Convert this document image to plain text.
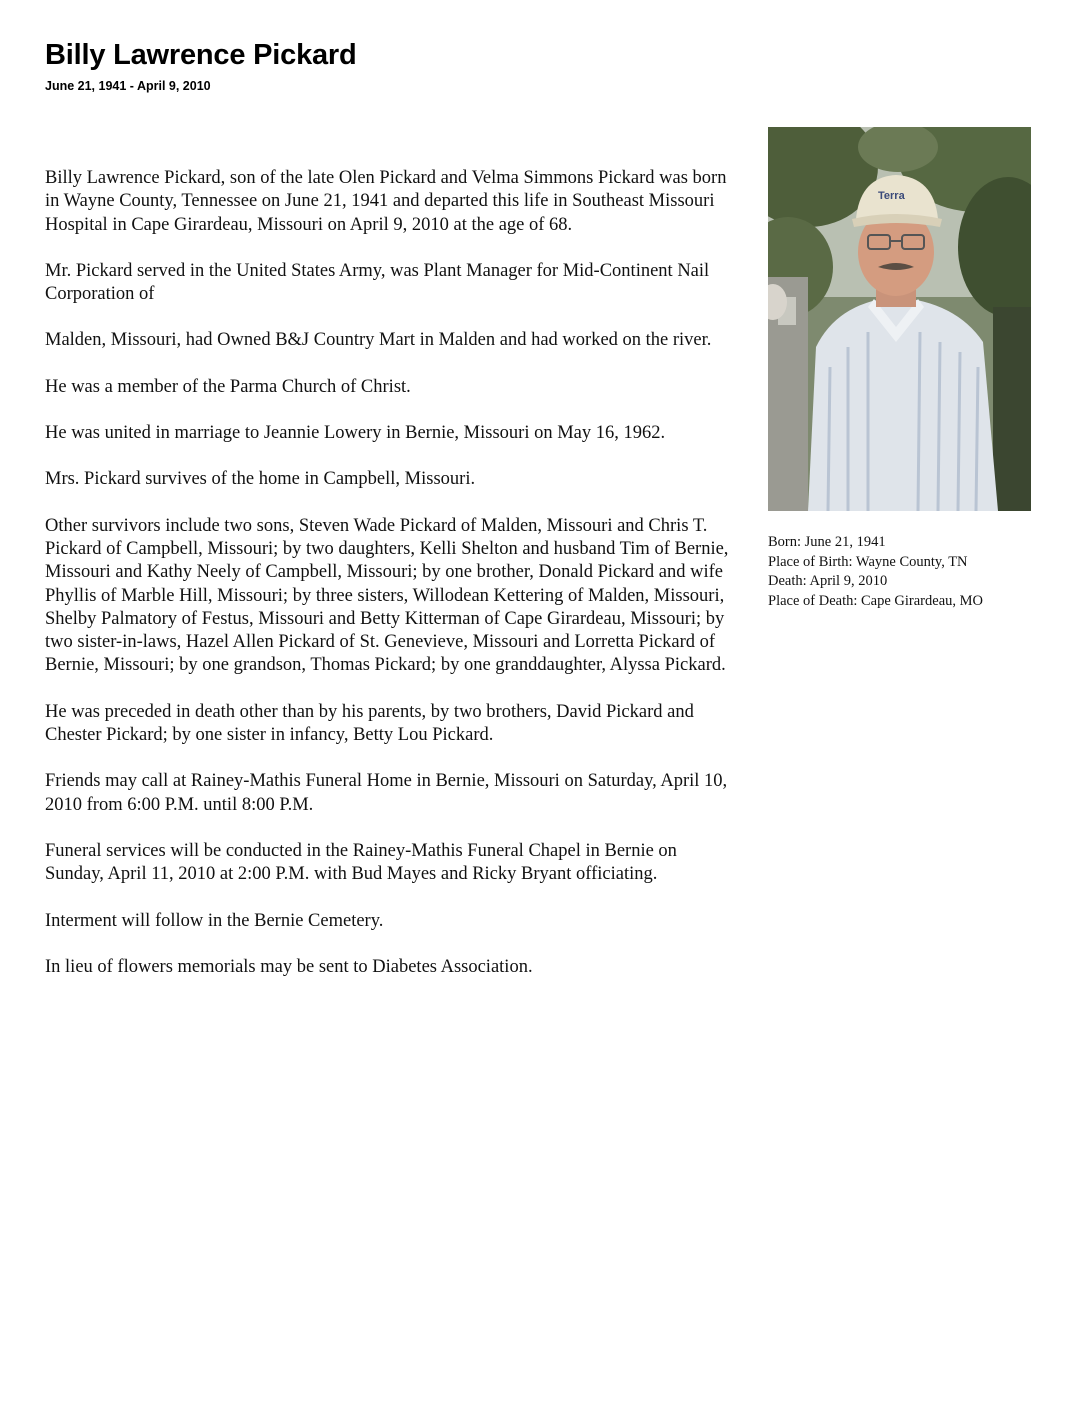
Billy Lawrence Pickard
June 21, 1941 - April 9, 2010

Billy Lawrence Pickard, son of the late Olen Pickard and Velma Simmons Pickard was born in Wayne County, Tennessee on June 21, 1941 and departed this life in Southeast Missouri Hospital in Cape Girardeau, Missouri on April 9, 2010 at the age of 68.

Mr. Pickard served in the United States Army, was Plant Manager for Mid-Continent Nail Corporation of

Malden, Missouri, had Owned B&J Country Mart in Malden and had worked on the river.

He was a member of the Parma Church of Christ.

He was united in marriage to Jeannie Lowery in Bernie, Missouri on May 16, 1962.

Mrs. Pickard survives of the home in Campbell, Missouri.

Other survivors include two sons, Steven Wade Pickard of Malden, Missouri and Chris T. Pickard of Campbell, Missouri; by two daughters, Kelli Shelton and husband Tim of Bernie, Missouri and Kathy Neely of Campbell, Missouri; by one brother, Donald Pickard and wife Phyllis of Marble Hill, Missouri; by three sisters, Willodean Kettering of Malden, Missouri, Shelby Palmatory of Festus, Missouri and Betty Kitterman of Cape Girardeau, Missouri; by two sister-in-laws, Hazel Allen Pickard of St. Genevieve, Missouri and Lorretta Pickard of Bernie, Missouri; by one grandson, Thomas Pickard; by one granddaughter, Alyssa Pickard.

He was preceded in death other than by his parents, by two brothers, David Pickard and Chester Pickard; by one sister in infancy, Betty Lou Pickard.

Friends may call at Rainey-Mathis Funeral Home in Bernie, Missouri on Saturday, April 10, 2010 from 6:00 P.M. until 8:00 P.M.

Funeral services will be conducted in the Rainey-Mathis Funeral Chapel in Bernie on Sunday, April 11, 2010 at 2:00 P.M. with Bud Mayes and Ricky Bryant officiating.

Interment will follow in the Bernie Cemetery.

In lieu of flowers memorials may be sent to Diabetes Association.

Terra
Born: June 21, 1941
Place of Birth: Wayne County, TN
Death: April 9, 2010
Place of Death: Cape Girardeau, MO
